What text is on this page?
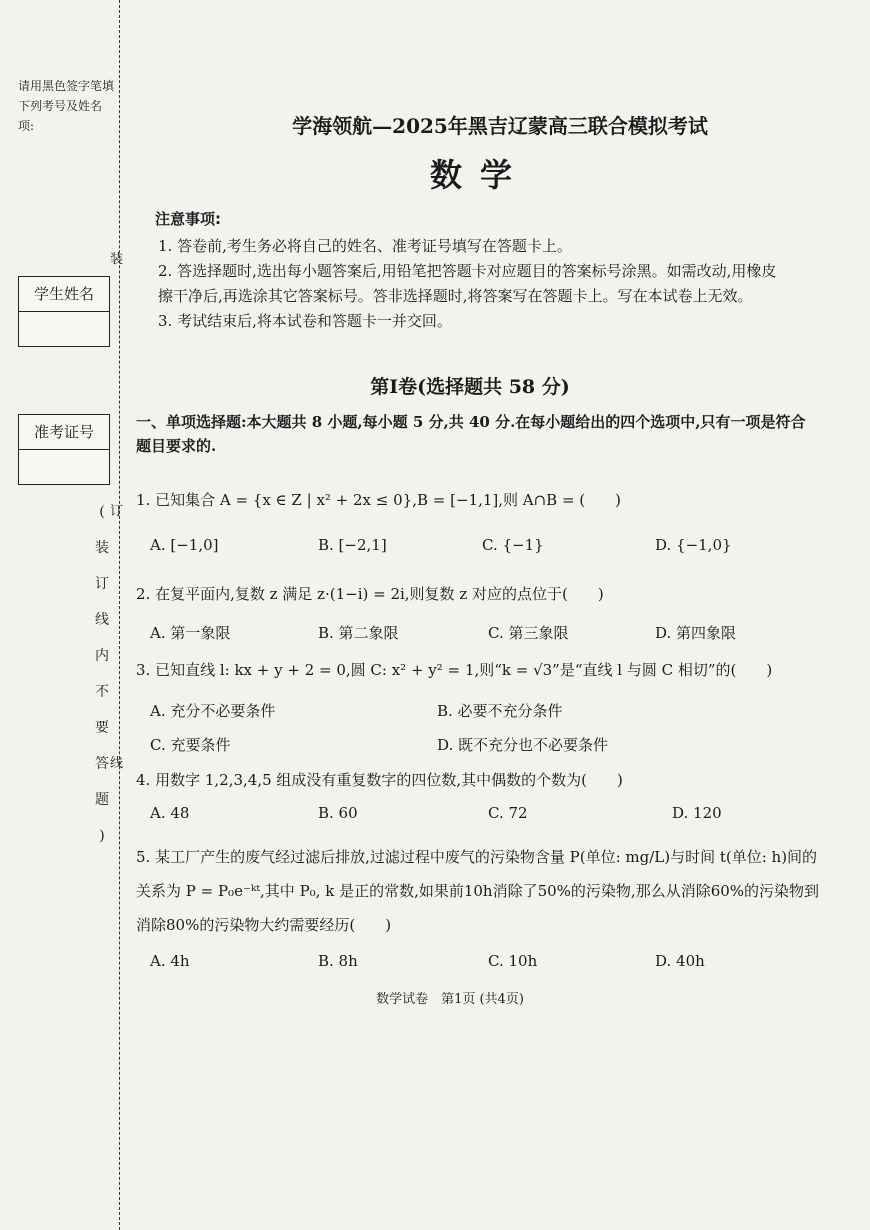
请用黑色签字笔填下列考号及姓名项:
学生姓名
准考证号
装
订
线
(
装
订
线
内
不
要
答
题
)
学海领航—2025年黑吉辽蒙高三联合模拟考试
数学
注意事项:

1. 答卷前,考生务必将自己的姓名、准考证号填写在答题卡上。

2. 答选择题时,选出每小题答案后,用铅笔把答题卡对应题目的答案标号涂黑。如需改动,用橡皮擦干净后,再选涂其它答案标号。答非选择题时,将答案写在答题卡上。写在本试卷上无效。

3. 考试结束后,将本试卷和答题卡一并交回。

第Ⅰ卷(选择题共 58 分)
一、单项选择题:本大题共 8 小题,每小题 5 分,共 40 分.在每小题给出的四个选项中,只有一项是符合题目要求的.
1. 已知集合 A = {x ∈ Z | x² + 2x ≤ 0},B = [−1,1],则 A∩B = (　　)
A. [−1,0]	B. [−2,1]	C. {−1}	D. {−1,0}
2. 在复平面内,复数 z 满足 z·(1−i) = 2i,则复数 z 对应的点位于(　　)
A. 第一象限	B. 第二象限	C. 第三象限	D. 第四象限
3. 已知直线 l: kx + y + 2 = 0,圆 C: x² + y² = 1,则“k = √3”是“直线 l 与圆 C 相切”的(　　)
A. 充分不必要条件	B. 必要不充分条件
C. 充要条件	D. 既不充分也不必要条件
4. 用数字 1,2,3,4,5 组成没有重复数字的四位数,其中偶数的个数为(　　)
A. 48	B. 60	C. 72	D. 120
5. 某工厂产生的废气经过滤后排放,过滤过程中废气的污染物含量 P(单位: mg/L)与时间 t(单位: h)间的关系为 P = P₀e⁻ᵏᵗ,其中 P₀, k 是正的常数,如果前10h消除了50%的污染物,那么从消除60%的污染物到消除80%的污染物大约需要经历(　　)
A. 4h	B. 8h	C. 10h	D. 40h
数学试卷　第1页 (共4页)
